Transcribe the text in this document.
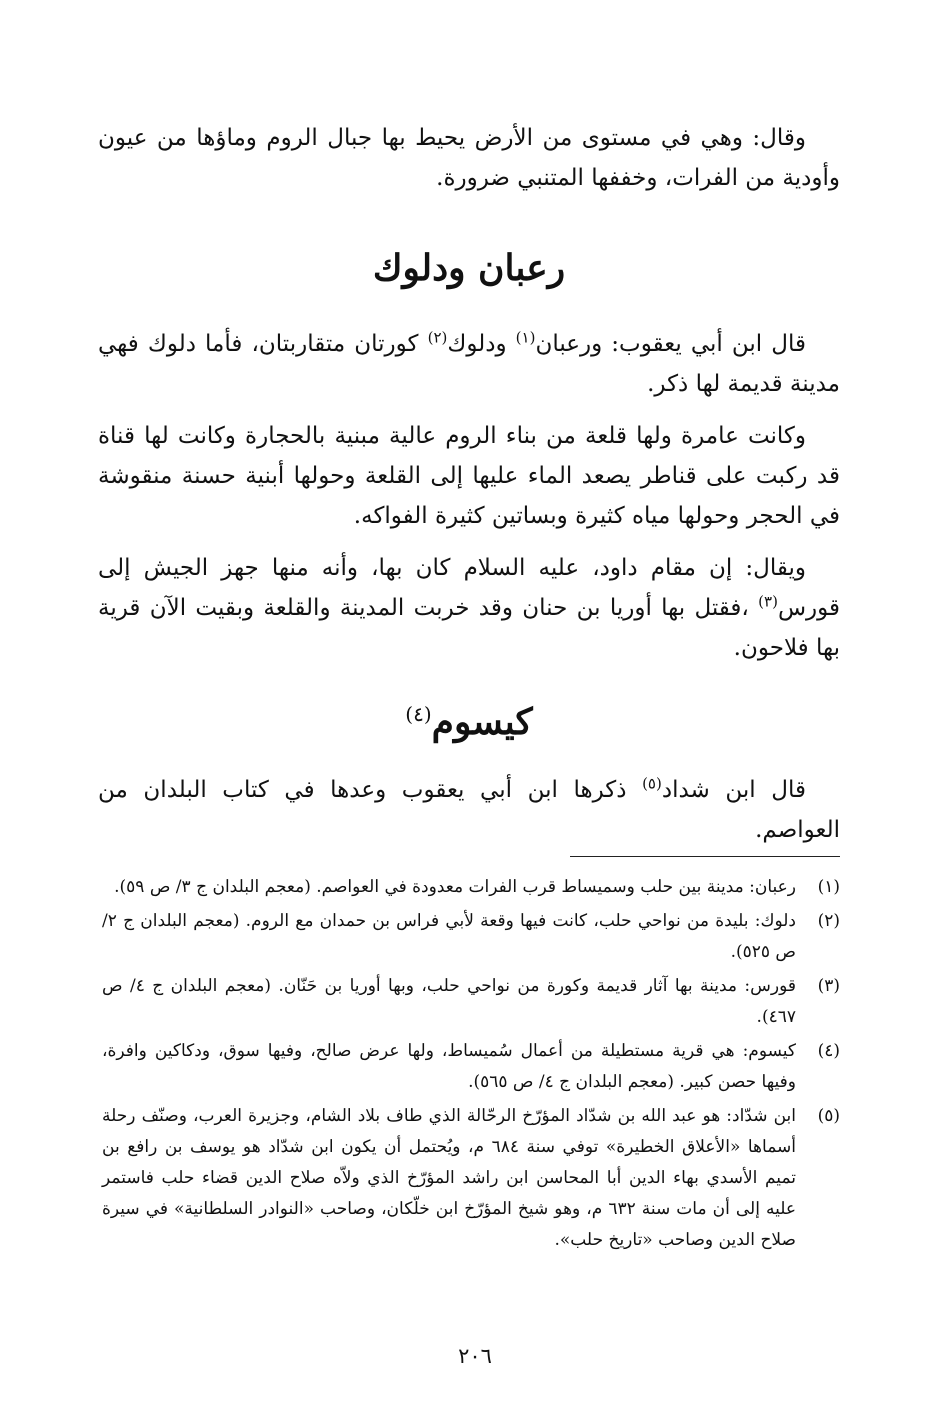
وقال: وهي في مستوى من الأرض يحيط بها جبال الروم وماؤها من عيون وأودية من الفرات، وخففها المتنبي ضرورة.

رعبان ودلوك

قال ابن أبي يعقوب: ورعبان$^{(١)}$ ودلوك$^{(٢)}$ كورتان متقاربتان، فأما دلوك فهي مدينة قديمة لها ذكر.

وكانت عامرة ولها قلعة من بناء الروم عالية مبنية بالحجارة وكانت لها قناة قد ركبت على قناطر يصعد الماء عليها إلى القلعة وحولها أبنية حسنة منقوشة في الحجر وحولها مياه كثيرة وبساتين كثيرة الفواكه.

ويقال: إن مقام داود، عليه السلام كان بها، وأنه منها جهز الجيش إلى قورس$^{(٣)}$ ،فقتل بها أوريا بن حنان وقد خربت المدينة والقلعة وبقيت الآن قرية بها فلاحون.

كيسوم$^{(٤)}$

قال ابن شداد$^{(٥)}$ ذكرها ابن أبي يعقوب وعدها في كتاب البلدان من العواصم.

(١)
رعبان: مدينة بين حلب وسميساط قرب الفرات معدودة في العواصم. (معجم البلدان ج ٣/ ص ٥٩).
(٢)
دلوك: بليدة من نواحي حلب، كانت فيها وقعة لأبي فراس بن حمدان مع الروم. (معجم البلدان ج ٢/ ص ٥٢٥).
(٣)
قورس: مدينة بها آثار قديمة وكورة من نواحي حلب، وبها أوريا بن حَنّان. (معجم البلدان ج ٤/ ص ٤٦٧).
(٤)
كيسوم: هي قرية مستطيلة من أعمال سُميساط، ولها عرض صالح، وفيها سوق، ودكاكين وافرة، وفيها حصن كبير. (معجم البلدان ج ٤/ ص ٥٦٥).
(٥)
ابن شدّاد: هو عبد الله بن شدّاد المؤرّخ الرحّالة الذي طاف بلاد الشام، وجزيرة العرب، وصنّف رحلة أسماها «الأعلاق الخطيرة» توفي سنة ٦٨٤ م، ويُحتمل أن يكون ابن شدّاد هو يوسف بن رافع بن تميم الأسدي بهاء الدين أبا المحاسن ابن راشد المؤرّخ الذي ولاّه صلاح الدين قضاء حلب فاستمر عليه إلى أن مات سنة ٦٣٢ م، وهو شيخ المؤرّخ ابن خلّكان، وصاحب «النوادر السلطانية» في سيرة صلاح الدين وصاحب «تاريخ حلب».
٢٠٦
